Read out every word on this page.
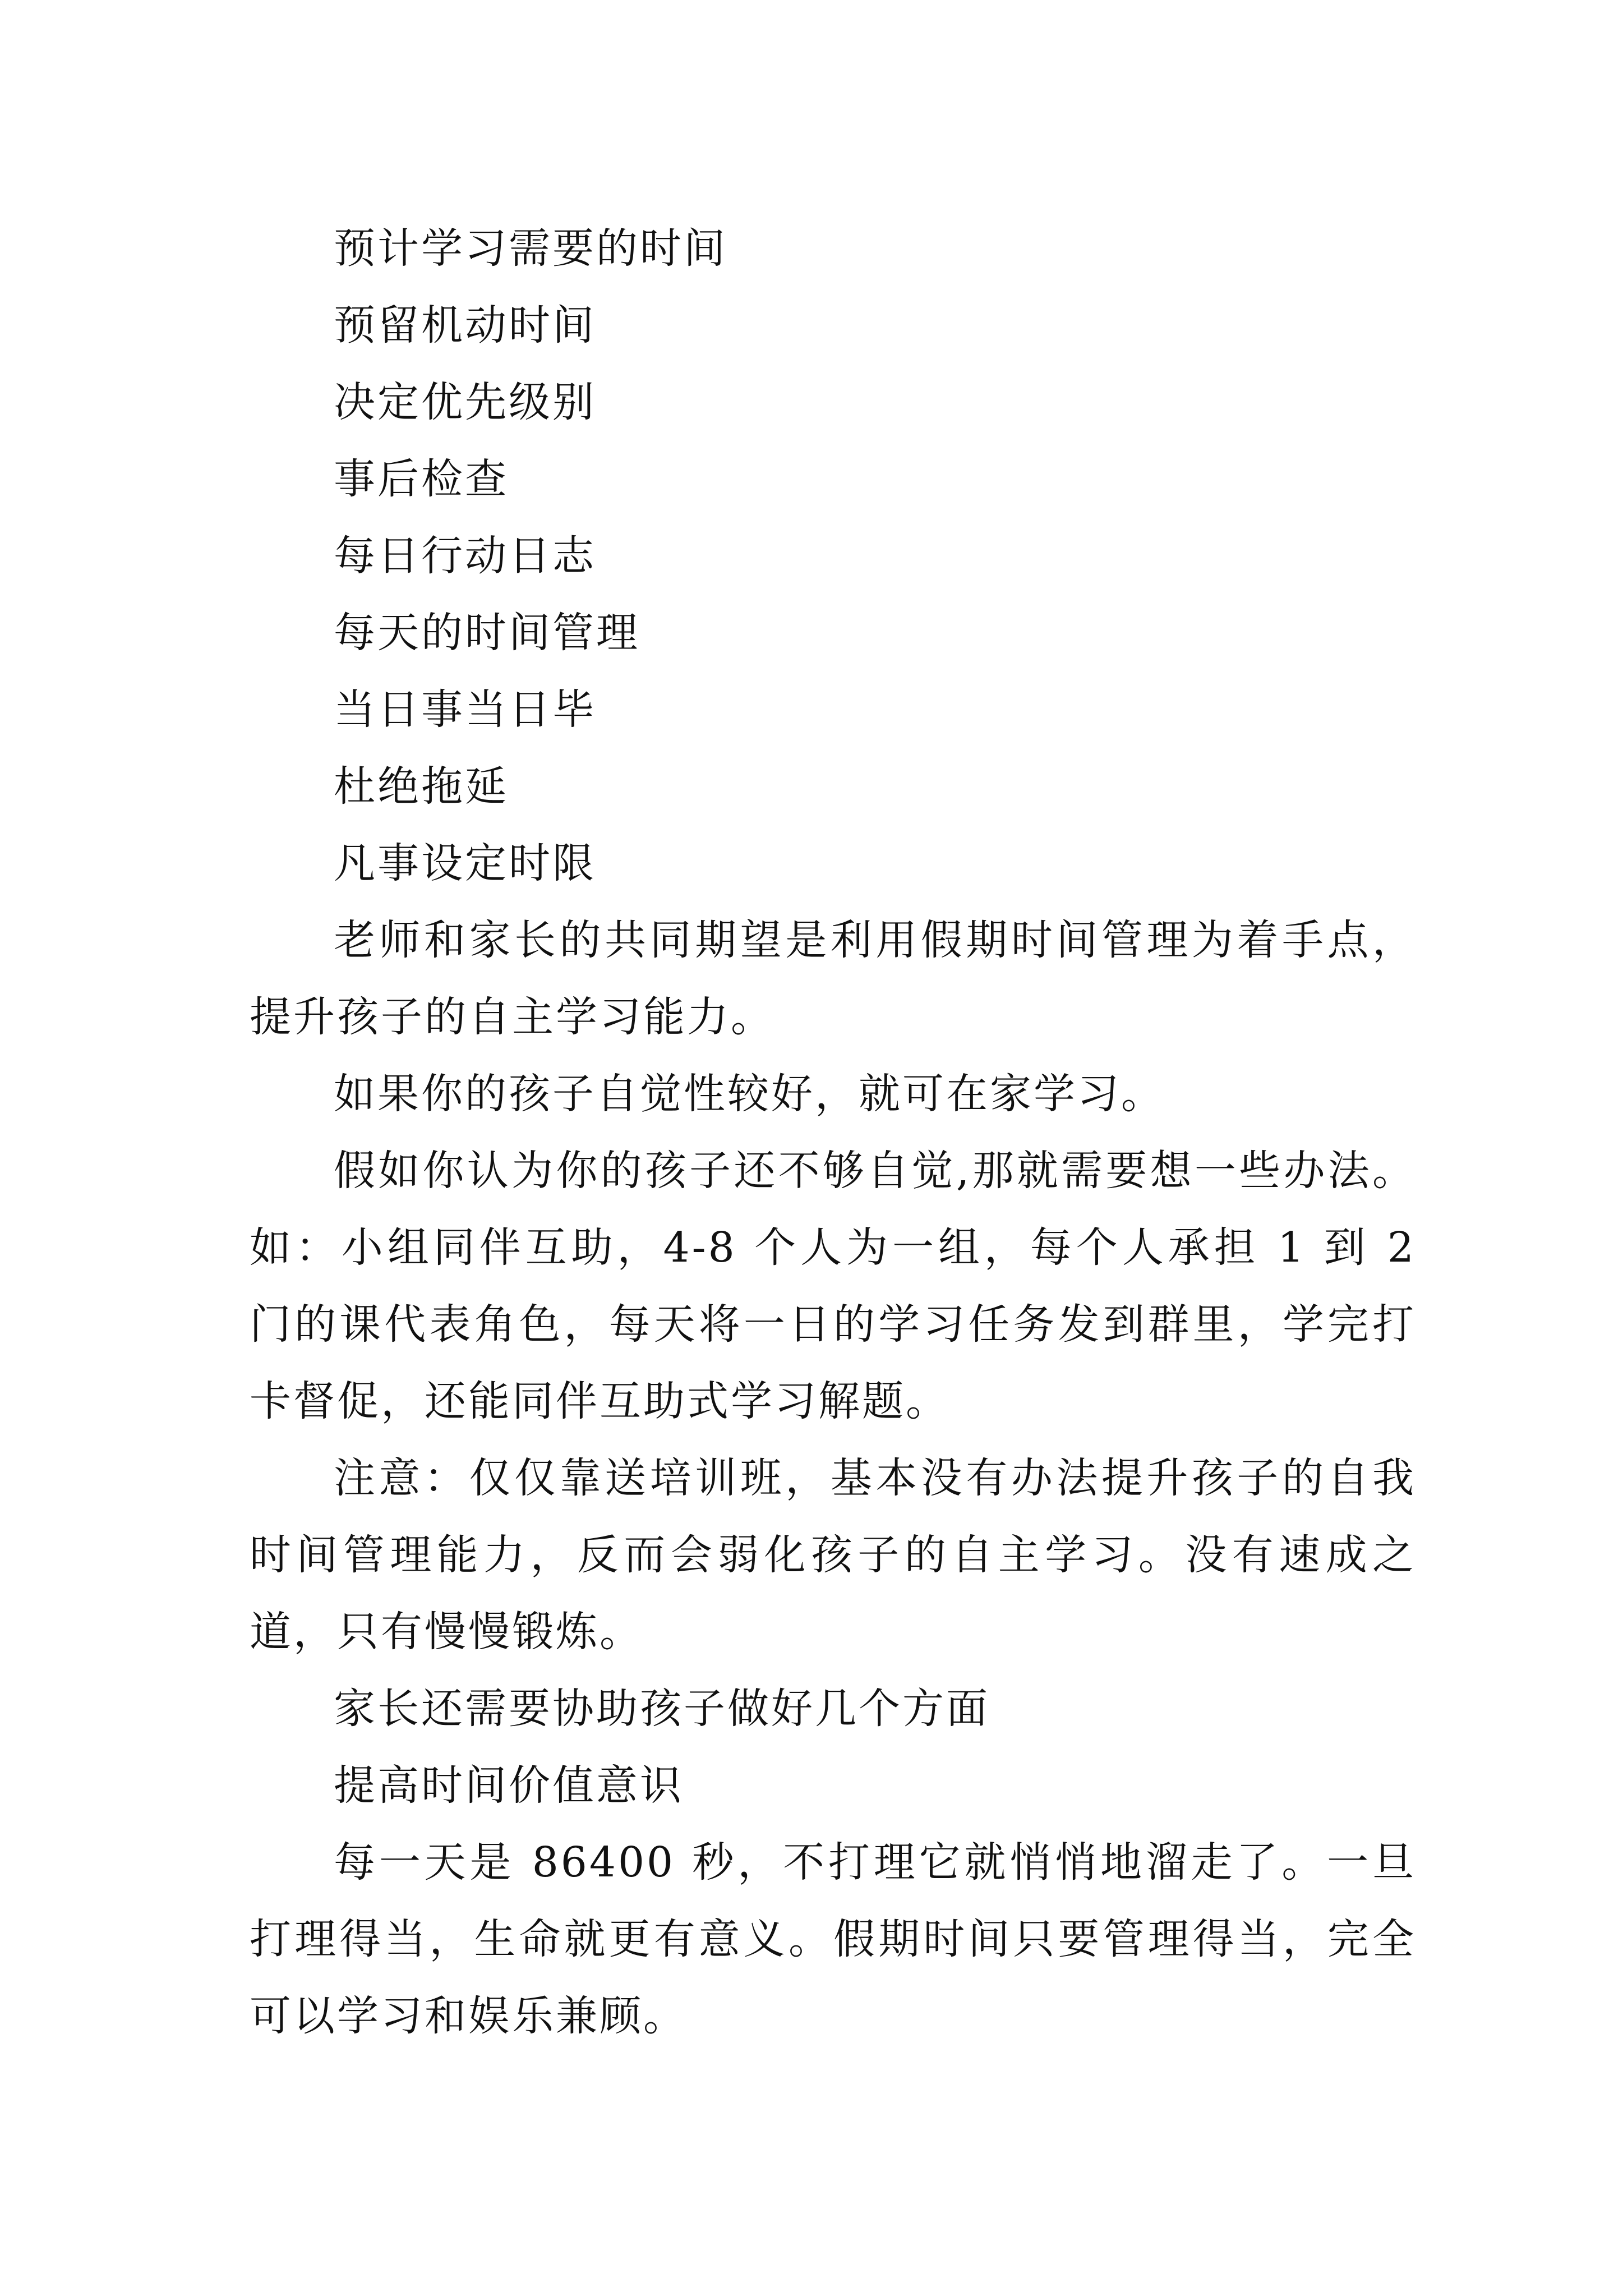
预计学习需要的时间

预留机动时间

决定优先级别

事后检查

每日行动日志

每天的时间管理

当日事当日毕

杜绝拖延

凡事设定时限

老师和家长的共同期望是利用假期时间管理为着手点，提升孩子的自主学习能力。

如果你的孩子自觉性较好，就可在家学习。

假如你认为你的孩子还不够自觉,那就需要想一些办法。如：小组同伴互助，4-8 个人为一组，每个人承担 1 到 2 门的课代表角色，每天将一日的学习任务发到群里，学完打卡督促，还能同伴互助式学习解题。

注意：仅仅靠送培训班，基本没有办法提升孩子的自我时间管理能力，反而会弱化孩子的自主学习。没有速成之道，只有慢慢锻炼。

家长还需要协助孩子做好几个方面

提高时间价值意识

每一天是 86400 秒，不打理它就悄悄地溜走了。一旦打理得当，生命就更有意义。假期时间只要管理得当，完全可以学习和娱乐兼顾。
